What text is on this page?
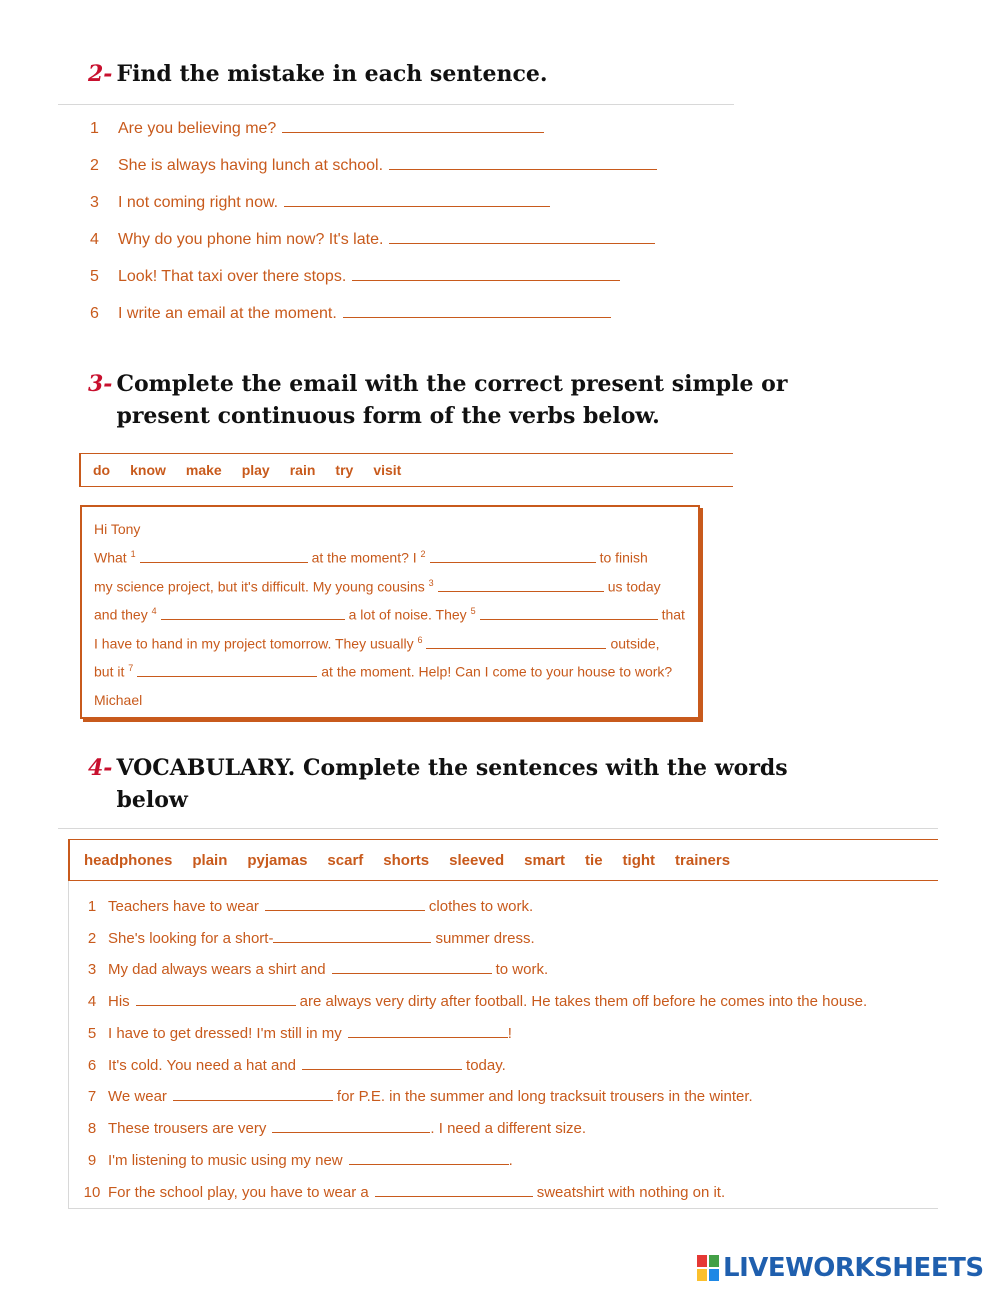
2- Find the mistake in each sentence.
1 Are you believing me?
2 She is always having lunch at school.
3 I not coming right now.
4 Why do you phone him now? It's late.
5 Look! That taxi over there stops.
6 I write an email at the moment.
3- Complete the email with the correct present simple or
present continuous form of the verbs below.
do know make play rain try visit
Hi Tony
What $^1$	at the moment? I $^2$	to finish
my science project, but it's difficult. My young cousins $^3$	us today
and they $^4$	a lot of noise. They $^5$	that
I have to hand in my project tomorrow. They usually $^6$	outside,
but it $^7$	at the moment. Help! Can I come to your house to work?
Michael
4- VOCABULARY. Complete the sentences with the words
below
headphones plain pyjamas scarf shorts sleeved smart tie tight trainers
1 Teachers have to wear	clothes to work.
2 She's looking for a short-	summer dress.
3 My dad always wears a shirt and	to work.
4 His	are always very dirty after football. He takes them off before he comes into the house.
5 I have to get dressed! I'm still in my	!
6 It's cold. You need a hat and	today.
7 We wear	for P.E. in the summer and long tracksuit trousers in the winter.
8 These trousers are very	. I need a different size.
9 I'm listening to music using my new	.
10 For the school play, you have to wear a	sweatshirt with nothing on it.
LIVEWORKSHEETS
